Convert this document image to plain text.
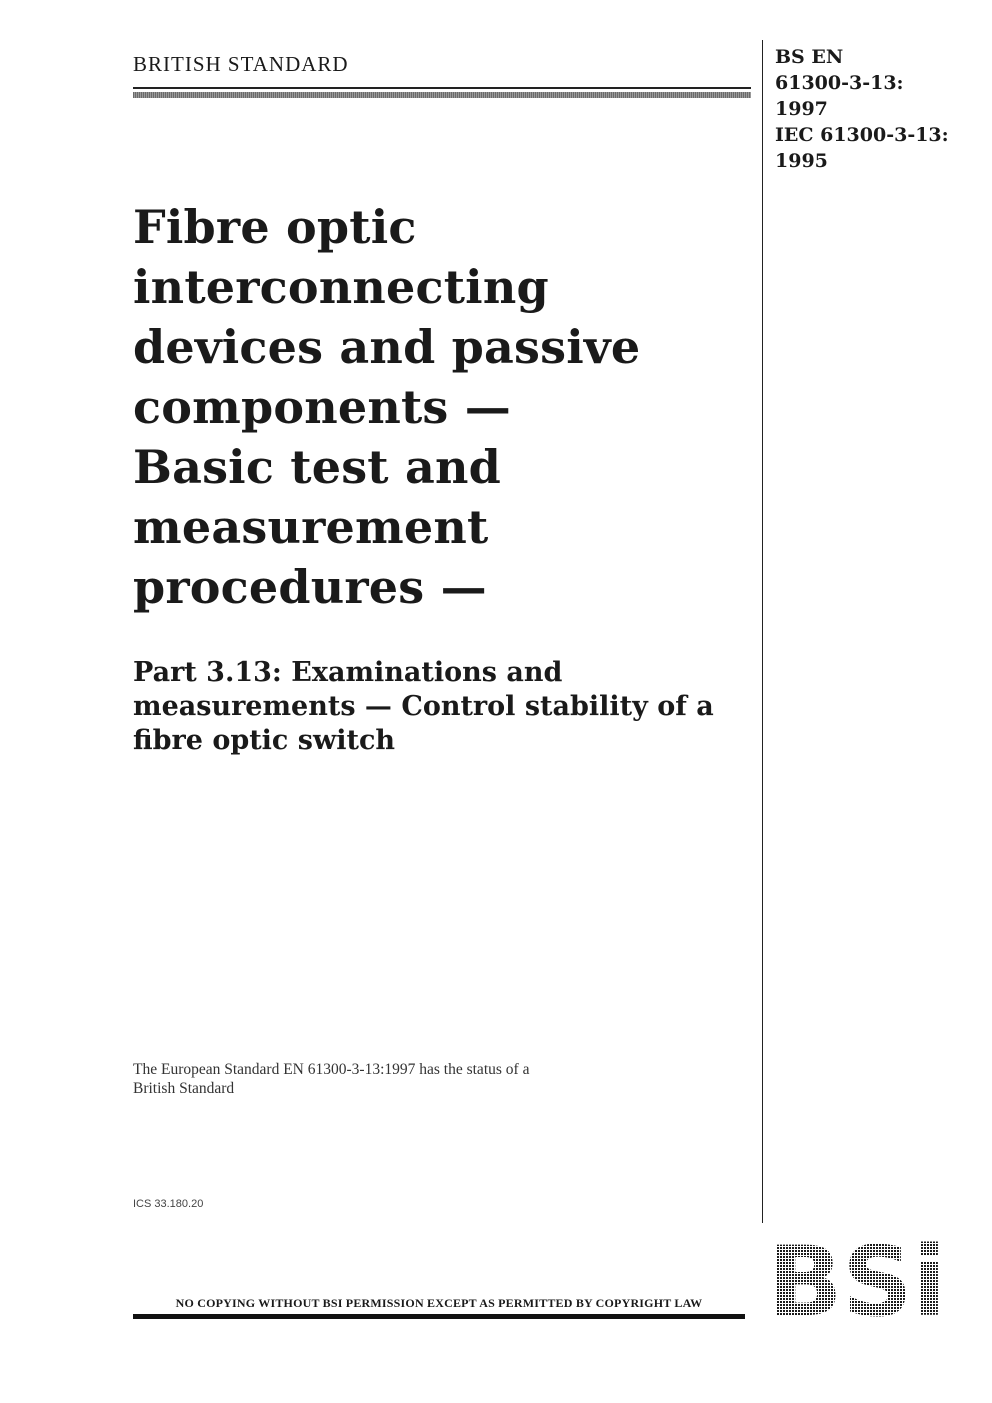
BRITISH STANDARD	BS EN
61300-3-13:
1997
IEC 61300-3-13:
1995
Fibre optic
interconnecting
devices and passive
components —
Basic test and
measurement
procedures —
Part 3.13: Examinations and
measurements — Control stability of a
fibre optic switch
The European Standard EN 61300-3-13:1997 has the status of a
British Standard
ICS 33.180.20
NO COPYING WITHOUT BSI PERMISSION EXCEPT AS PERMITTED BY COPYRIGHT LAW BSi
